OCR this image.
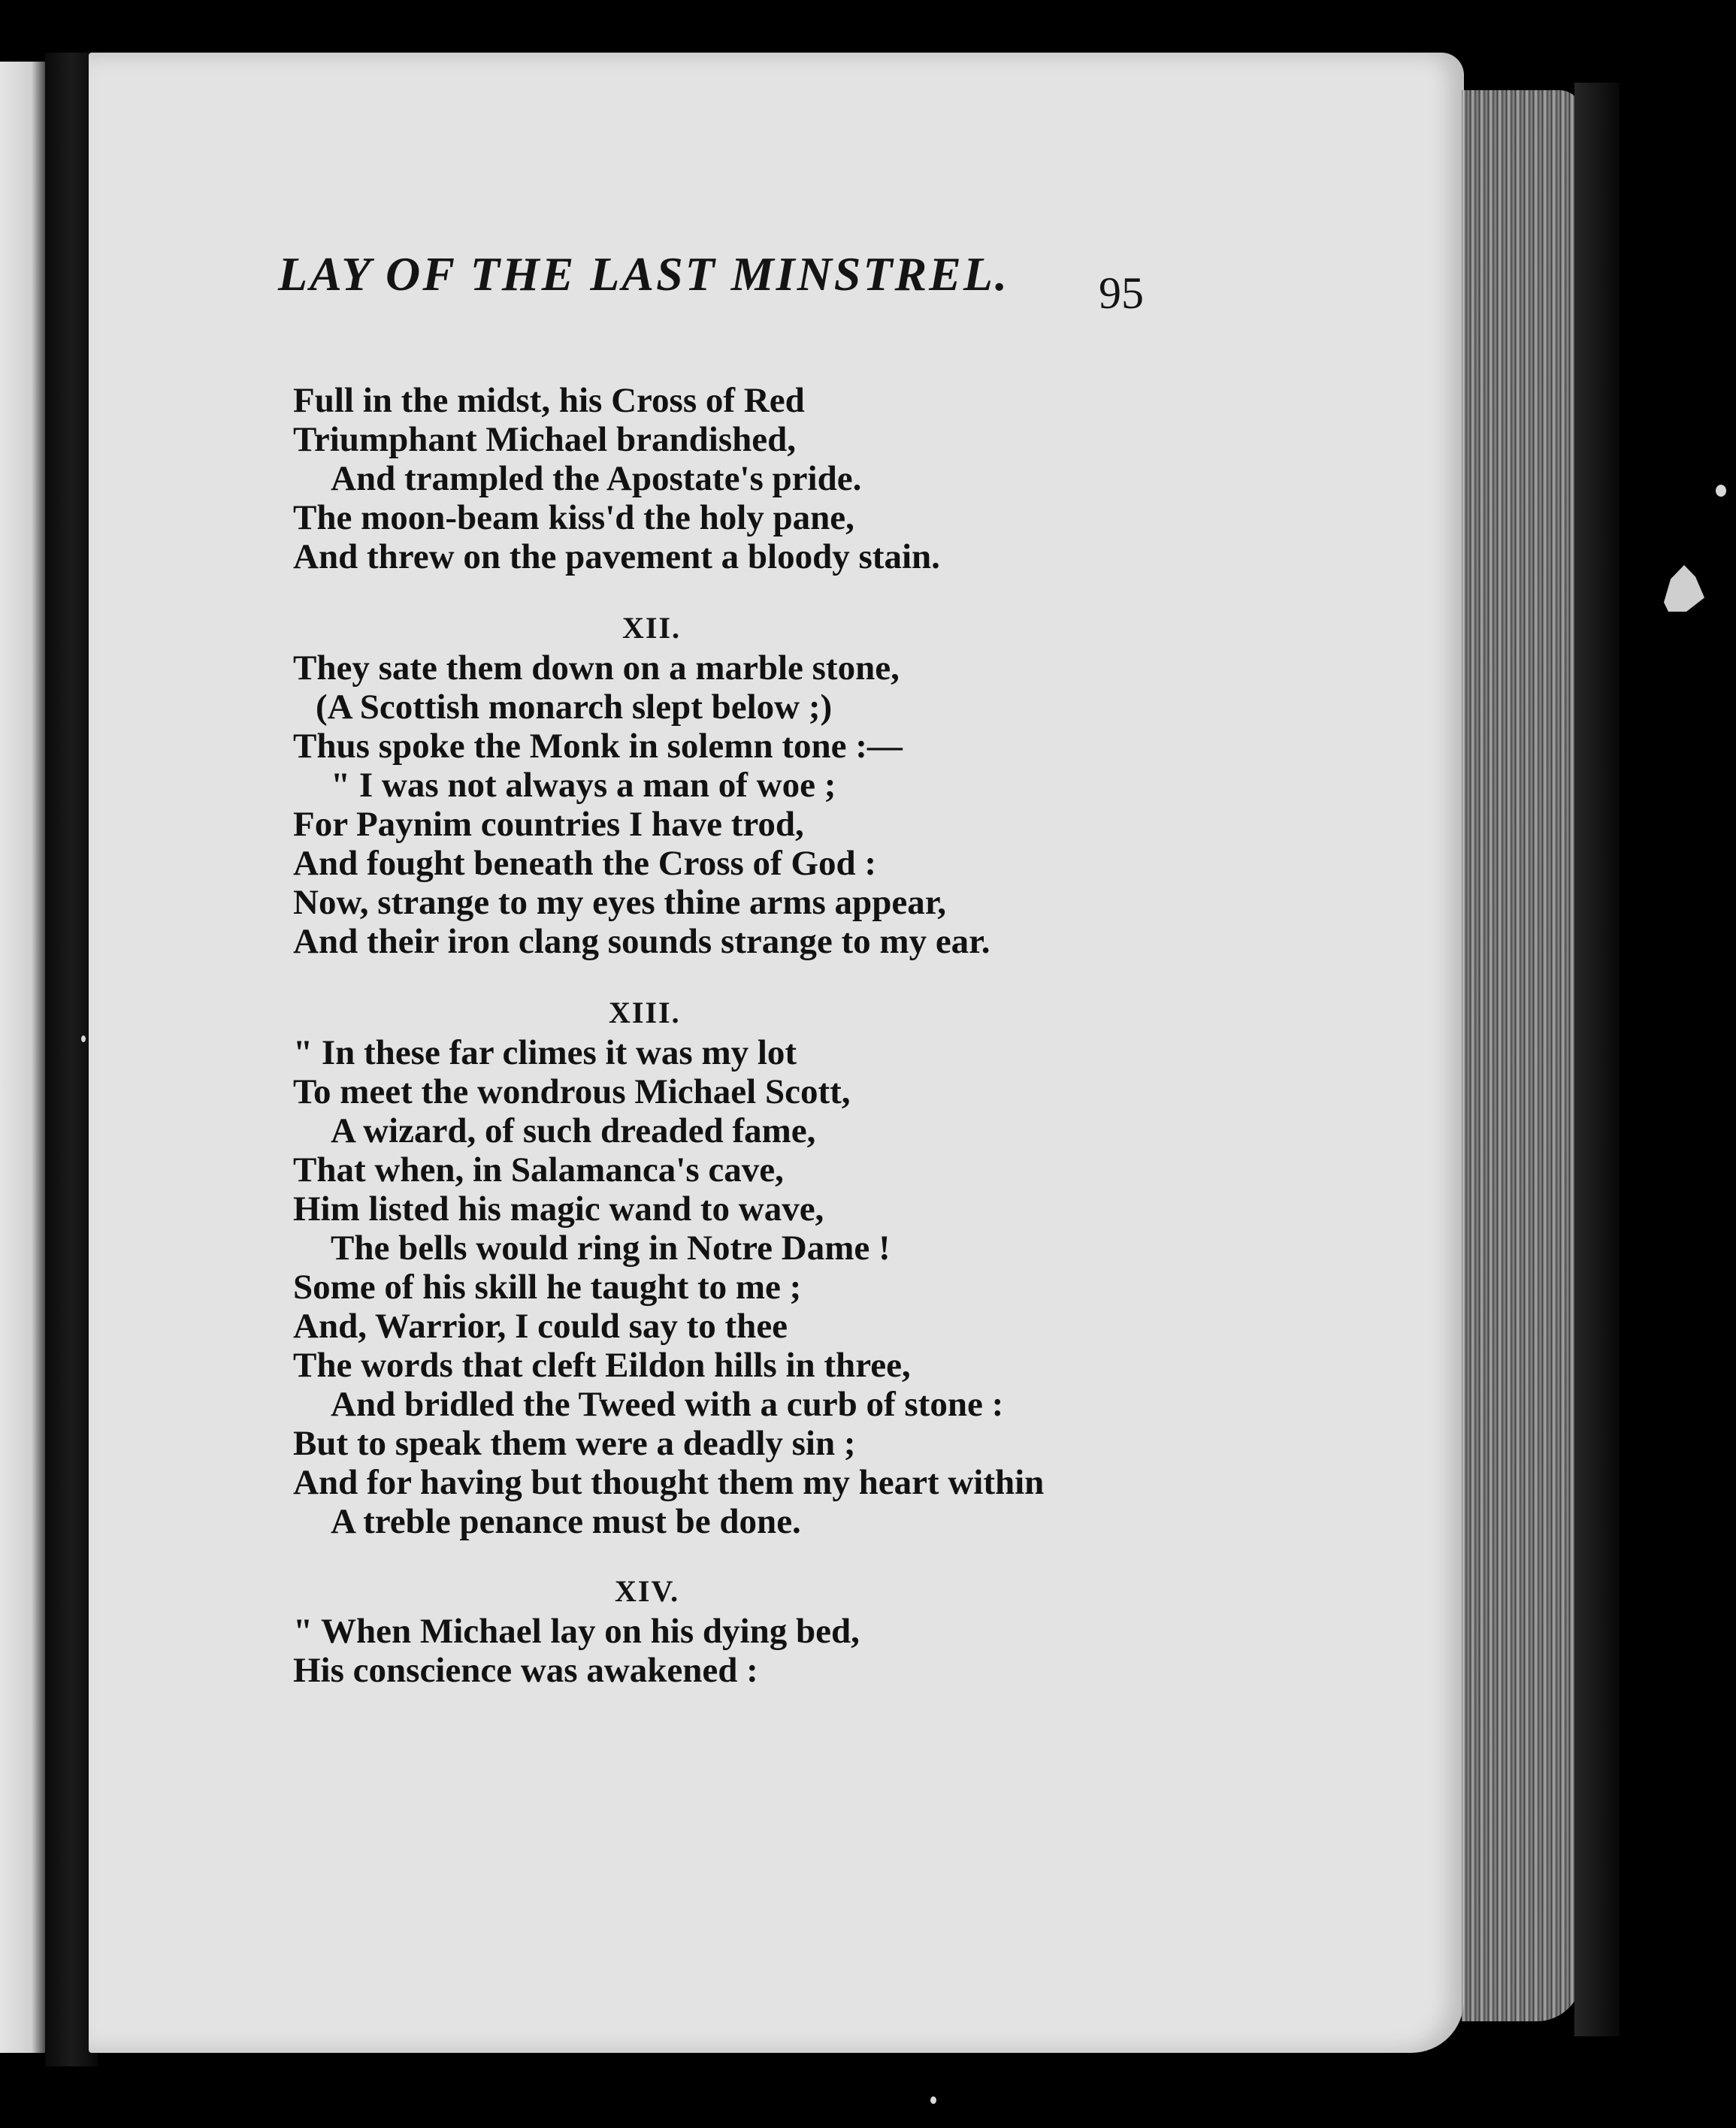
LAY OF THE LAST MINSTREL. 95
Full in the midst, his Cross of Red
Triumphant Michael brandished,
And trampled the Apostate's pride.
The moon-beam kiss'd the holy pane,
And threw on the pavement a bloody stain.
XII.
They sate them down on a marble stone,
(A Scottish monarch slept below ;)
Thus spoke the Monk in solemn tone :—
" I was not always a man of woe ;
For Paynim countries I have trod,
And fought beneath the Cross of God :
Now, strange to my eyes thine arms appear,
And their iron clang sounds strange to my ear.
XIII.
" In these far climes it was my lot
To meet the wondrous Michael Scott,
A wizard, of such dreaded fame,
That when, in Salamanca's cave,
Him listed his magic wand to wave,
The bells would ring in Notre Dame !
Some of his skill he taught to me ;
And, Warrior, I could say to thee
The words that cleft Eildon hills in three,
And bridled the Tweed with a curb of stone :
But to speak them were a deadly sin ;
And for having but thought them my heart within
A treble penance must be done.
XIV.
" When Michael lay on his dying bed,
His conscience was awakened :
